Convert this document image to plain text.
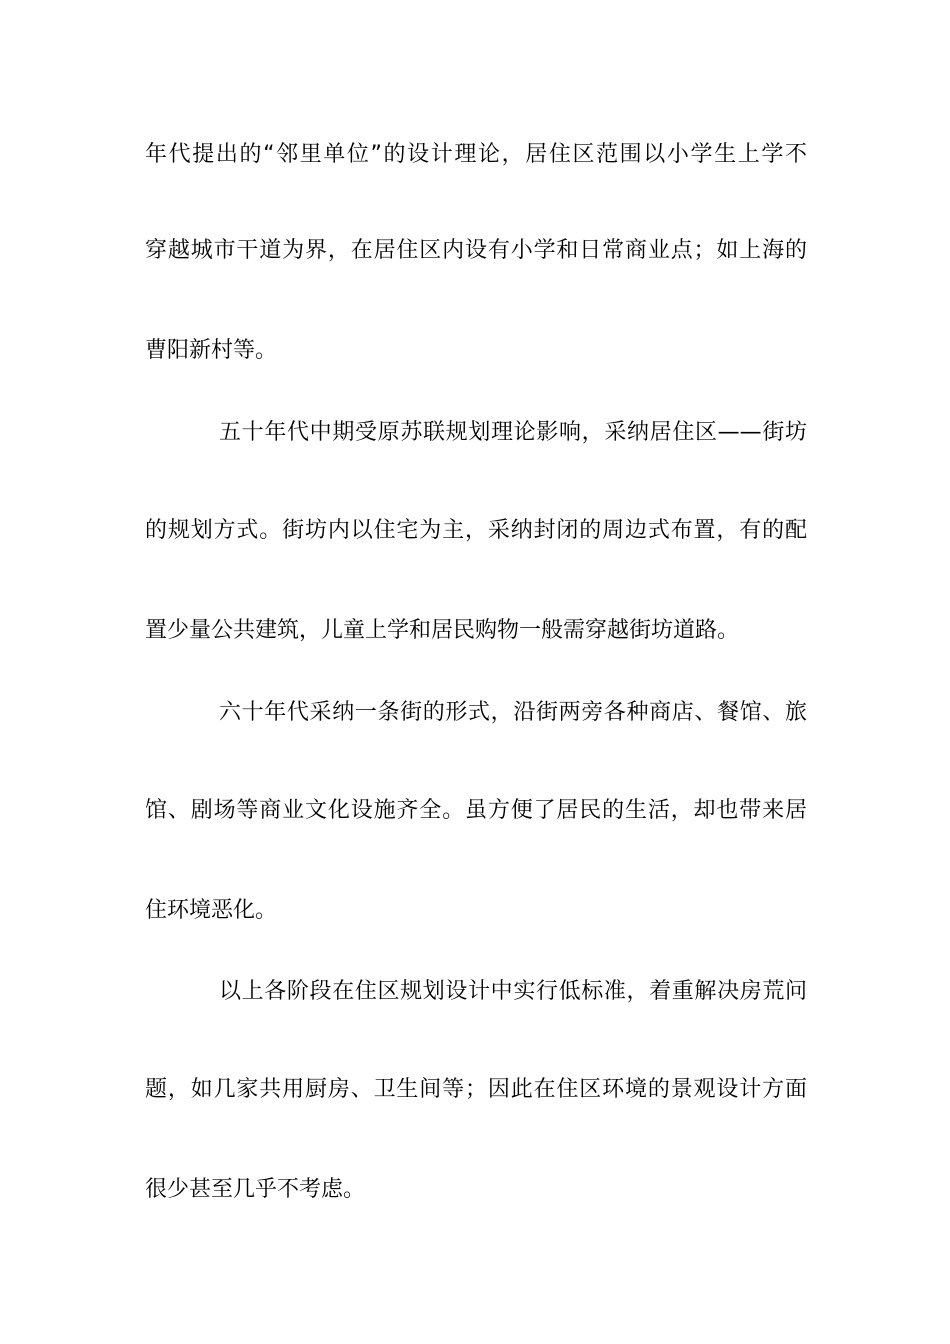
年代提出的“邻里单位”的设计理论，居住区范围以小学生上学不
穿越城市干道为界，在居住区内设有小学和日常商业点；如上海的
曹阳新村等。
五十年代中期受原苏联规划理论影响，采纳居住区——街坊
的规划方式。街坊内以住宅为主，采纳封闭的周边式布置，有的配
置少量公共建筑，儿童上学和居民购物一般需穿越街坊道路。
六十年代采纳一条街的形式，沿街两旁各种商店、餐馆、旅
馆、剧场等商业文化设施齐全。虽方便了居民的生活，却也带来居
住环境恶化。
以上各阶段在住区规划设计中实行低标准，着重解决房荒问
题，如几家共用厨房、卫生间等；因此在住区环境的景观设计方面
很少甚至几乎不考虑。
